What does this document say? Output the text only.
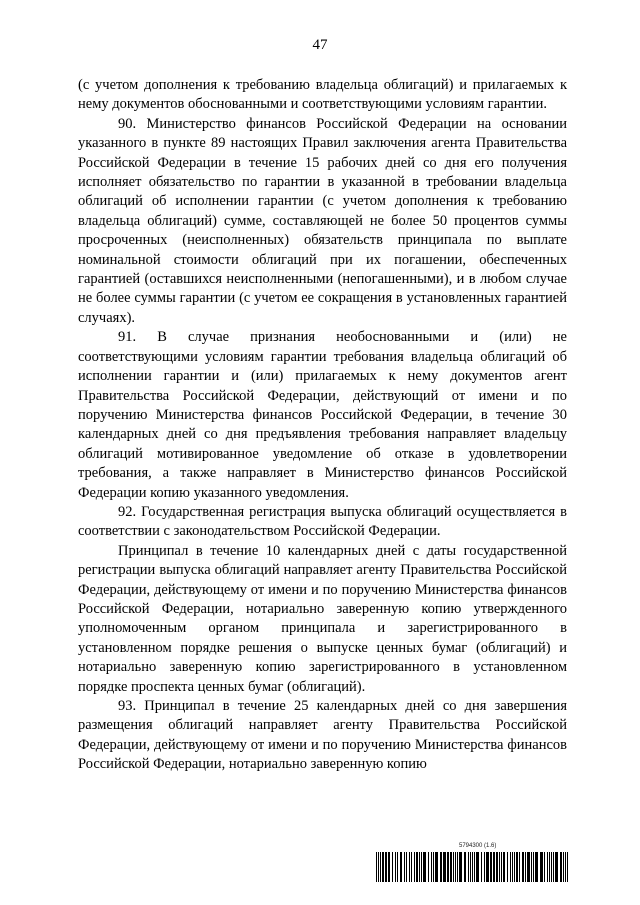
47

(с учетом дополнения к требованию владельца облигаций) и прилагаемых к нему документов обоснованными и соответствующими условиям гарантии.

90. Министерство финансов Российской Федерации на основании указанного в пункте 89 настоящих Правил заключения агента Правительства Российской Федерации в течение 15 рабочих дней со дня его получения исполняет обязательство по гарантии в указанной в требовании владельца облигаций об исполнении гарантии (с учетом дополнения к требованию владельца облигаций) сумме, составляющей не более 50 процентов суммы просроченных (неисполненных) обязательств принципала по выплате номинальной стоимости облигаций при их погашении, обеспеченных гарантией (оставшихся неисполненными (непогашенными), и в любом случае не более суммы гарантии (с учетом ее сокращения в установленных гарантией случаях).

91. В случае признания необоснованными и (или) не соответствующими условиям гарантии требования владельца облигаций об исполнении гарантии и (или) прилагаемых к нему документов агент Правительства Российской Федерации, действующий от имени и по поручению Министерства финансов Российской Федерации, в течение 30 календарных дней со дня предъявления требования направляет владельцу облигаций мотивированное уведомление об отказе в удовлетворении требования, а также направляет в Министерство финансов Российской Федерации копию указанного уведомления.

92. Государственная регистрация выпуска облигаций осуществляется в соответствии с законодательством Российской Федерации.

Принципал в течение 10 календарных дней с даты государственной регистрации выпуска облигаций направляет агенту Правительства Российской Федерации, действующему от имени и по поручению Министерства финансов Российской Федерации, нотариально заверенную копию утвержденного уполномоченным органом принципала и зарегистрированного в установленном порядке решения о выпуске ценных бумаг (облигаций) и нотариально заверенную копию зарегистрированного в установленном порядке проспекта ценных бумаг (облигаций).

93. Принципал в течение 25 календарных дней со дня завершения размещения облигаций направляет агенту Правительства Российской Федерации, действующему от имени и по поручению Министерства финансов Российской Федерации, нотариально заверенную копию

5794300 (1.6)
